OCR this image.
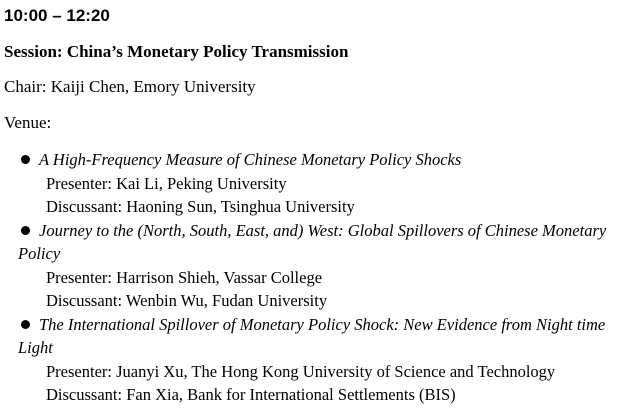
10:00 – 12:20
Session: China’s Monetary Policy Transmission
Chair: Kaiji Chen, Emory University
Venue:

A High-Frequency Measure of Chinese Monetary Policy Shocks

Presenter: Kai Li, Peking University

Discussant: Haoning Sun, Tsinghua University

Journey to the (North, South, East, and) West: Global Spillovers of Chinese Monetary Policy

Presenter: Harrison Shieh, Vassar College

Discussant: Wenbin Wu, Fudan University

The International Spillover of Monetary Policy Shock: New Evidence from Night time Light

Presenter: Juanyi Xu, The Hong Kong University of Science and Technology

Discussant: Fan Xia, Bank for International Settlements (BIS)
